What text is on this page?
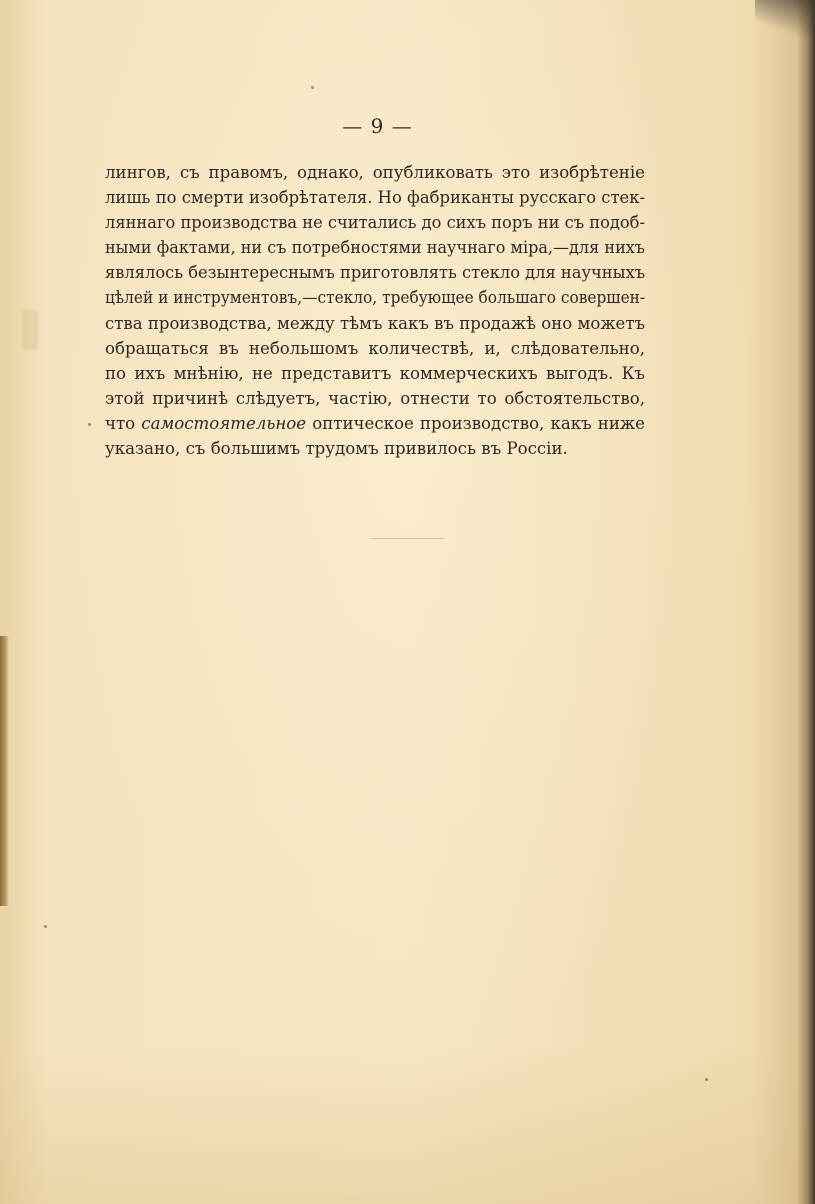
— 9 —
лингов, съ правомъ, однако, опубликовать это изобрѣтеніе
лишь по смерти изобрѣтателя. Но фабриканты русскаго стек-
ляннаго производства не считались до сихъ поръ ни съ подоб-
ными фактами, ни съ потребностями научнаго міра,—для нихъ
являлось безынтереснымъ приготовлять стекло для научныхъ
цѣлей и инструментовъ,—стекло, требующее большаго совершен-
ства производства, между тѣмъ какъ въ продажѣ оно можетъ
обращаться въ небольшомъ количествѣ, и, слѣдовательно,
по ихъ мнѣнію, не представитъ коммерческихъ выгодъ. Къ
этой причинѣ слѣдуетъ, частію, отнести то обстоятельство,
что самостоятельное оптическое производство, какъ ниже
указано, съ большимъ трудомъ привилось въ Россіи.
